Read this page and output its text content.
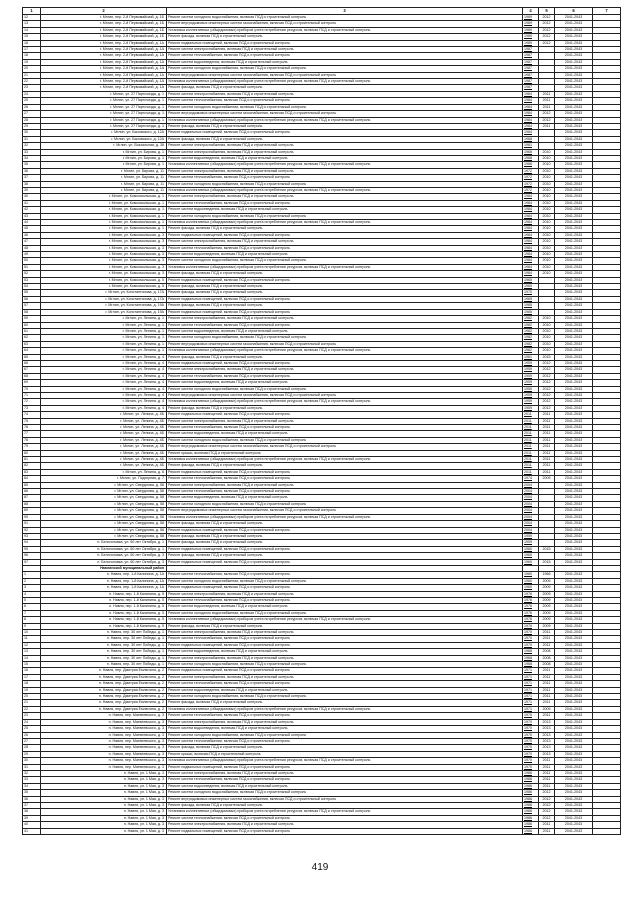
1	2	3	4	5	6	7
12	г. Мглин, пер. 2-й Первомайский, д. 1Б	Ремонт систем холодного водоснабжения, включая ПСД и строительный контроль	1989	2012	2041-2043	
13	г. Мглин, пер. 2-й Первомайский, д. 1Б	Ремонт внутридомовых инженерных систем газоснабжения, включая ПСД и строительный контроль	1989	2012	2041-2043	
14	г. Мглин, пер. 2-й Первомайский, д. 1Б	Установка коллективных (общедомовых) приборов учета потребления ресурсов, включая ПСД и строительный контроль	1989	2012	2041-2043	
15	г. Мглин, пер. 2-й Первомайский, д. 1Б	Ремонт фасада, включая ПСД и строительный контроль	1989	2012	2041-2043	
16	г. Мглин, пер. 2-й Первомайский, д. 1А	Ремонт подвальных помещений, включая ПСД и строительный контроль	1989	2012	2041-2043	
17	г. Мглин, пер. 2-й Первомайский, д. 1А	Ремонт систем электроснабжения, включая ПСД и строительный контроль	1987		2041-2043	
18	г. Мглин, пер. 2-й Первомайский, д. 1А	Ремонт систем теплоснабжения, включая ПСД и строительный контроль	1987		2041-2043	
19	г. Мглин, пер. 2-й Первомайский, д. 1А	Ремонт систем водоотведения, включая ПСД и строительный контроль	1987		2041-2043	
20	г. Мглин, пер. 2-й Первомайский, д. 1А	Ремонт систем холодного водоснабжения, включая ПСД и строительный контроль	1987		2041-2043	
21	г. Мглин, пер. 2-й Первомайский, д. 1А	Ремонт внутридомовых инженерных систем газоснабжения, включая ПСД и строительный контроль	1987		2041-2043	
22	г. Мглин, пер. 2-й Первомайский, д. 1А	Установка коллективных (общедомовых) приборов учета потребления ресурсов, включая ПСД и строительный контроль	1987		2041-2043	
23	г. Мглин, пер. 2-й Первомайский, д. 1А	Ремонт фасада, включая ПСД и строительный контроль	1987		2041-2043	
24	г. Мглин, ул. 27 Партсъезда, д. 1	Ремонт систем электроснабжения, включая ПСД и строительный контроль	1984	2011	2041-2043	
25	г. Мглин, ул. 27 Партсъезда, д. 1	Ремонт систем теплоснабжения, включая ПСД и строительный контроль	1984	2011	2041-2043	
26	г. Мглин, ул. 27 Партсъезда, д. 1	Ремонт систем холодного водоснабжения, включая ПСД и строительный контроль	1984	2011	2041-2043	
27	г. Мглин, ул. 27 Партсъезда, д. 1	Ремонт внутридомовых инженерных систем газоснабжения, включая ПСД и строительный контроль	1984	2012	2041-2043	
28	г. Мглин, ул. 27 Партсъезда, д. 1	Установка коллективных (общедомовых) приборов учета потребления ресурсов, включая ПСД и строительный контроль	1984	2012	2041-2043	
29	г. Мглин, ул. 27 Партсъезда, д. 1	Ремонт фасада, включая ПСД и строительный контроль	1984	2011	2041-2043	
30	г. Мглин, ул. Быховского, д. 12А	Ремонт подвальных помещений, включая ПСД и строительный контроль	1984		2041-2043	
31	г. Мглин, ул. Быховского, д. 12А	Ремонт фасада, включая ПСД и строительный контроль	1968		2041-2043	
32	г. Мглин, ул. Вокзальная, д. 38	Ремонт систем электроснабжения, включая ПСД и строительный контроль	1981		2041-2043	
33	г. Мглин, ул. Бирова, д. 1	Ремонт систем электроснабжения, включая ПСД и строительный контроль	1968	2010	2041-2043	
34	г. Мглин, ул. Бирова, д. 1	Ремонт систем водоотведения, включая ПСД и строительный контроль	1968	2010	2041-2043	
35	г. Мглин, ул. Бирова, д. 1	Установка коллективных (общедомовых) приборов учета потребления ресурсов, включая ПСД и строительный контроль	1968	2010	2041-2043	
36	г. Мглин, ул. Бирова, д. 11	Ремонт систем электроснабжения, включая ПСД и строительный контроль	1972	2010	2041-2043	
37	г. Мглин, ул. Бирова, д. 11	Ремонт систем теплоснабжения, включая ПСД и строительный контроль	1972	2010	2041-2043	
38	г. Мглин, ул. Бирова, д. 11	Ремонт систем холодного водоснабжения, включая ПСД и строительный контроль	1972	2010	2041-2043	
39	г. Мглин, ул. Бирова, д. 11	Установка коллективных (общедомовых) приборов учета потребления ресурсов, включая ПСД и строительный контроль	1972	2010	2041-2043	
40	г. Мглин, ул. Комсомольская, д. 1	Ремонт систем электроснабжения, включая ПСД и строительный контроль	1984	2010	2041-2043	
41	г. Мглин, ул. Комсомольская, д. 1	Ремонт систем теплоснабжения, включая ПСД и строительный контроль	1984	2010	2041-2043	
42	г. Мглин, ул. Комсомольская, д. 1	Ремонт систем водоотведения, включая ПСД и строительный контроль	1984	2010	2041-2043	
43	г. Мглин, ул. Комсомольская, д. 1	Ремонт систем холодного водоснабжения, включая ПСД и строительный контроль	1984	2010	2041-2043	
44	г. Мглин, ул. Комсомольская, д. 1	Установка коллективных (общедомовых) приборов учета потребления ресурсов, включая ПСД и строительный контроль	1984	2010	2041-2043	
45	г. Мглин, ул. Комсомольская, д. 1	Ремонт фасада, включая ПСД и строительный контроль	1984	2010	2041-2043	
46	г. Мглин, ул. Комсомольская, д. 3	Ремонт подвальных помещений, включая ПСД и строительный контроль	1984	2010	2041-2043	
47	г. Мглин, ул. Комсомольская, д. 3	Ремонт систем электроснабжения, включая ПСД и строительный контроль	1984	2010	2041-2043	
48	г. Мглин, ул. Комсомольская, д. 3	Ремонт систем теплоснабжения, включая ПСД и строительный контроль	1984	2010	2041-2043	
49	г. Мглин, ул. Комсомольская, д. 3	Ремонт систем водоотведения, включая ПСД и строительный контроль	1984	2010	2041-2043	
50	г. Мглин, ул. Комсомольская, д. 3	Ремонт систем холодного водоснабжения, включая ПСД и строительный контроль	1984	2010	2041-2043	
51	г. Мглин, ул. Комсомольская, д. 3	Установка коллективных (общедомовых) приборов учета потребления ресурсов, включая ПСД и строительный контроль	1984	2010	2041-2043	
52	г. Мглин, ул. Комсомольская, д. 3	Ремонт фасада, включая ПСД и строительный контроль	1984	2010	2041-2043	
53	г. Мглин, ул. Комсомольская, д. 5	Ремонт подвальных помещений, включая ПСД и строительный контроль	1965		2041-2043	
54	г. Мглин, ул. Комсомольская, д. 5	Ремонт фасада, включая ПСД и строительный контроль	1965		2041-2043	
55	г. Мглин, ул. Константинова, д. 17А	Ремонт фасада, включая ПСД и строительный контроль	1970		2041-2043	
56	г. Мглин, ул. Константинова, д. 17А	Ремонт подвальных помещений, включая ПСД и строительный контроль	1969		2041-2043	
57	г. Мглин, ул. Константинова, д. 19А	Ремонт фасада, включая ПСД и строительный контроль	1985		2041-2043	
58	г. Мглин, ул. Константинова, д. 19А	Ремонт подвальных помещений, включая ПСД и строительный контроль	1985		2041-2043	
59	г. Мглин, ул. Ленина, д. 1	Ремонт систем электроснабжения, включая ПСД и строительный контроль	1982	2010	2041-2043	
60	г. Мглин, ул. Ленина, д. 1	Ремонт систем теплоснабжения, включая ПСД и строительный контроль	1982	2010	2041-2043	
61	г. Мглин, ул. Ленина, д. 1	Ремонт систем водоотведения, включая ПСД и строительный контроль	1982	2010	2041-2043	
62	г. Мглин, ул. Ленина, д. 1	Ремонт систем холодного водоснабжения, включая ПСД и строительный контроль	1982	2010	2041-2043	
63	г. Мглин, ул. Ленина, д. 1	Ремонт внутридомовых инженерных систем газоснабжения, включая ПСД и строительный контроль	1982	2010	2041-2043	
64	г. Мглин, ул. Ленина, д. 1	Установка коллективных (общедомовых) приборов учета потребления ресурсов, включая ПСД и строительный контроль	1982	2010	2041-2043	
65	г. Мглин, ул. Ленина, д. 4	Ремонт фасада, включая ПСД и строительный контроль	1961	2015	2041-2043	
66	г. Мглин, ул. Ленина, д. 4	Ремонт подвальных помещений, включая ПСД и строительный контроль	1959	2012	2041-2043	
67	г. Мглин, ул. Ленина, д. 4	Ремонт систем электроснабжения, включая ПСД и строительный контроль	1959	2012	2041-2043	
68	г. Мглин, ул. Ленина, д. 4	Ремонт систем теплоснабжения, включая ПСД и строительный контроль	1959	2012	2041-2043	
69	г. Мглин, ул. Ленина, д. 4	Ремонт систем водоотведения, включая ПСД и строительный контроль	1959	2012	2041-2043	
70	г. Мглин, ул. Ленина, д. 4	Ремонт систем холодного водоснабжения, включая ПСД и строительный контроль	1959	2012	2041-2043	
71	г. Мглин, ул. Ленина, д. 4	Ремонт внутридомовых инженерных систем газоснабжения, включая ПСД и строительный контроль	1959	2012	2041-2043	
72	г. Мглин, ул. Ленина, д. 4	Установка коллективных (общедомовых) приборов учета потребления ресурсов, включая ПСД и строительный контроль	1959	2012	2041-2043	
73	г. Мглин, ул. Ленина, д. 4	Ремонт фасада, включая ПСД и строительный контроль	1959	2012	2041-2043	
74	г. Мглин, ул. Ленина, д. 4Б	Ремонт подвальных помещений, включая ПСД и строительный контроль	2011	2011	2041-2043	
75	г. Мглин, ул. Ленина, д. 4Б	Ремонт систем электроснабжения, включая ПСД и строительный контроль	2011	2011	2041-2043	
76	г. Мглин, ул. Ленина, д. 4Б	Ремонт систем теплоснабжения, включая ПСД и строительный контроль	2011	2011	2041-2043	
77	г. Мглин, ул. Ленина, д. 4Б	Ремонт систем водоотведения, включая ПСД и строительный контроль	2011	2011	2041-2043	
78	г. Мглин, ул. Ленина, д. 4Б	Ремонт систем холодного водоснабжения, включая ПСД и строительный контроль	2011	2011	2041-2043	
79	г. Мглин, ул. Ленина, д. 4Б	Ремонт внутридомовых инженерных систем газоснабжения, включая ПСД и строительный контроль	2011	2011	2041-2043	
80	г. Мглин, ул. Ленина, д. 4Б	Ремонт крыши, включая ПСД и строительный контроль	2011	2011	2041-2043	
81	г. Мглин, ул. Ленина, д. 4Б	Установка коллективных (общедомовых) приборов учета потребления ресурсов, включая ПСД и строительный контроль	2011	2011	2041-2043	
82	г. Мглин, ул. Ленина, д. 4Б	Ремонт фасада, включая ПСД и строительный контроль	2011	2011	2041-2043	
83	г. Мглин, ул. Ленина, д. 6	Ремонт подвальных помещений, включая ПСД и строительный контроль	2011	2011	2041-2043	
84	г. Мглин, ул. Подгорная, д. 7	Ремонт систем теплоснабжения, включая ПСД и строительный контроль	1974	2009	2041-2043	
85	г. Мглин, ул. Свердлова, д. 58	Ремонт систем электроснабжения, включая ПСД и строительный контроль	2004		2041-2043	
86	г. Мглин, ул. Свердлова, д. 58	Ремонт систем теплоснабжения, включая ПСД и строительный контроль	2004		2041-2043	
87	г. Мглин, ул. Свердлова, д. 58	Ремонт систем водоотведения, включая ПСД и строительный контроль	2004		2041-2043	
88	г. Мглин, ул. Свердлова, д. 58	Ремонт систем холодного водоснабжения, включая ПСД и строительный контроль	2004		2041-2043	
89	г. Мглин, ул. Свердлова, д. 58	Ремонт внутридомовых инженерных систем газоснабжения, включая ПСД и строительный контроль	2004		2041-2043	
90	г. Мглин, ул. Свердлова, д. 58	Установка коллективных (общедомовых) приборов учета потребления ресурсов, включая ПСД и строительный контроль	2004		2041-2043	
91	г. Мглин, ул. Свердлова, д. 58	Ремонт фасада, включая ПСД и строительный контроль	2004		2041-2043	
92	г. Мглин, ул. Свердлова, д. 58	Ремонт подвальных помещений, включая ПСД и строительный контроль	2004		2041-2043	
93	г. Мглин, ул. Свердлова, д. 58	Ремонт фасада, включая ПСД и строительный контроль	1959		2041-2043	
94	п. Белоголовка, ул. 60 лет Октября, д. 1	Ремонт фасада, включая ПСД и строительный контроль	1959		2041-2043	
95	п. Белоголовка, ул. 60 лет Октября, д. 1	Ремонт подвальных помещений, включая ПСД и строительный контроль	1960	2015	2041-2043	
96	п. Белоголовка, ул. 60 лет Октября, д. 3	Ремонт фасада, включая ПСД и строительный контроль	1960		2041-2043	
97	п. Белоголовка, ул. 60 лет Октября, д. 3	Ремонт подвальных помещений, включая ПСД и строительный контроль	1960	2015	2041-2043	
	Навлинский муниципальный район					
1	п. Навля, пер. 1-й Калинина, д. 1А	Ремонт систем теплоснабжения, включая ПСД и строительный контроль	1960	1966	2041-2043	
2	п. Навля, пер. 1-й Калинина, д. 1А	Ремонт систем холодного водоснабжения, включая ПСД и строительный контроль	1960	2009	2041-2043	
3	п. Навля, пер. 1-й Калинина, д. 1А	Ремонт подвальных помещений, включая ПСД и строительный контроль	1960	2009	2041-2043	
4	п. Навля, пер. 1-й Калинина, д. 5	Ремонт систем электроснабжения, включая ПСД и строительный контроль	1976	2009	2041-2043	
5	п. Навля, пер. 1-й Калинина, д. 5	Ремонт систем теплоснабжения, включая ПСД и строительный контроль	1976	2009	2041-2043	
6	п. Навля, пер. 1-й Калинина, д. 5	Ремонт систем водоотведения, включая ПСД и строительный контроль	1976	2009	2041-2043	
7	п. Навля, пер. 1-й Калинина, д. 5	Ремонт систем холодного водоснабжения, включая ПСД и строительный контроль	1976	2009	2041-2043	
8	п. Навля, пер. 1-й Калинина, д. 5	Установка коллективных (общедомовых) приборов учета потребления ресурсов, включая ПСД и строительный контроль	1976	2009	2041-2043	
9	п. Навля, пер. 1-й Калинина, д. 5	Ремонт фасада, включая ПСД и строительный контроль	1976	2009	2041-2043	
10	п. Навля, пер. 30 лет Победы, д. 1	Ремонт систем электроснабжения, включая ПСД и строительный контроль	1970	2011	2041-2043	
11	п. Навля, пер. 30 лет Победы, д. 1	Ремонт систем теплоснабжения, включая ПСД и строительный контроль	1970	2011	2041-2043	
12	п. Навля, пер. 30 лет Победы, д. 1	Ремонт подвальных помещений, включая ПСД и строительный контроль	1970	2011	2041-2043	
13	п. Навля, пер. 30 лет Победы, д. 1	Ремонт систем водоотведения, включая ПСД и строительный контроль	1968	2008	2041-2043	
14	п. Навля, пер. 30 лет Победы, д. 1	Ремонт систем электроснабжения, включая ПСД и строительный контроль	1968	2008	2041-2043	
15	п. Навля, пер. 30 лет Победы, д. 1	Ремонт систем холодного водоснабжения, включая ПСД и строительный контроль	1968	2008	2041-2043	
16	п. Навля, пер. Дмитрия Емлютина, д. 2	Ремонт подвальных помещений, включая ПСД и строительный контроль	1971	2011	2041-2043	
17	п. Навля, пер. Дмитрия Емлютина, д. 2	Ремонт систем электроснабжения, включая ПСД и строительный контроль	1971	2011	2041-2043	
18	п. Навля, пер. Дмитрия Емлютина, д. 2	Ремонт систем теплоснабжения, включая ПСД и строительный контроль	1971	2011	2041-2043	
19	п. Навля, пер. Дмитрия Емлютина, д. 2	Ремонт систем водоотведения, включая ПСД и строительный контроль	1971	2011	2041-2043	
20	п. Навля, пер. Дмитрия Емлютина, д. 2	Ремонт систем холодного водоснабжения, включая ПСД и строительный контроль	1971	2011	2041-2043	
21	п. Навля, пер. Дмитрия Емлютина, д. 2	Ремонт фасада, включая ПСД и строительный контроль	1971	2011	2041-2043	
22	п. Навля, пер. Дмитрия Емлютина, д. 2	Установка коллективных (общедомовых) приборов учета потребления ресурсов, включая ПСД и строительный контроль	1971	2009	2041-2043	
23	п. Навля, пер. Матвеевского, д. 3	Ремонт систем теплоснабжения, включая ПСД и строительный контроль	1970	2011	2041-2043	
24	п. Навля, пер. Матвеевского, д. 3	Ремонт систем электроснабжения, включая ПСД и строительный контроль	1970	2013	2041-2043	
25	п. Навля, пер. Матвеевского, д. 3	Ремонт систем водоотведения, включая ПСД и строительный контроль	1970	2013	2041-2043	
26	п. Навля, пер. Матвеевского, д. 3	Ремонт систем холодного водоснабжения, включая ПСД и строительный контроль	1970	2013	2041-2043	
27	п. Навля, пер. Матвеевского, д. 3	Ремонт систем теплоснабжения, включая ПСД и строительный контроль	1970	2013	2041-2043	
28	п. Навля, пер. Матвеевского, д. 3	Ремонт фасада, включая ПСД и строительный контроль	1970	2013	2041-2043	
29	п. Навля, пер. Матвеевского, д. 3	Ремонт крыши, включая ПСД и строительный контроль	1970	2013	2041-2043	
30	п. Навля, пер. Матвеевского, д. 3	Установка коллективных (общедомовых) приборов учета потребления ресурсов, включая ПСД и строительный контроль	1970	2011	2041-2043	
31	п. Навля, пер. Матвеевского, д. 3	Ремонт подвальных помещений, включая ПСД и строительный контроль	1970	2011	2041-2043	
32	п. Навля, ул. 1 Мая, д. 3	Ремонт систем электроснабжения, включая ПСД и строительный контроль	1986	2011	2041-2043	
33	п. Навля, ул. 1 Мая, д. 3	Ремонт систем теплоснабжения, включая ПСД и строительный контроль	1986	2011	2041-2043	
34	п. Навля, ул. 1 Мая, д. 3	Ремонт систем водоотведения, включая ПСД и строительный контроль	1986	2011	2041-2043	
35	п. Навля, ул. 1 Мая, д. 3	Ремонт систем холодного водоснабжения, включая ПСД и строительный контроль	1986	2012	2041-2043	
36	п. Навля, ул. 1 Мая, д. 3	Ремонт внутридомовых инженерных систем газоснабжения, включая ПСД и строительный контроль	1986	2012	2041-2043	
37	п. Навля, ул. 1 Мая, д. 3	Ремонт фасада, включая ПСД и строительный контроль	1986	2012	2041-2043	
38	п. Навля, ул. 1 Мая, д. 3	Установка коллективных (общедомовых) приборов учета потребления ресурсов, включая ПСД и строительный контроль	1986	2012	2041-2043	
39	п. Навля, ул. 1 Мая, д. 3	Ремонт систем теплоснабжения, включая ПСД и строительный контроль	1986	2012	2041-2043	
40	п. Навля, ул. 1 Мая, д. 3	Ремонт систем электроснабжения, включая ПСД и строительный контроль	1986	2011	2041-2043	
41	п. Навля, ул. 1 Мая, д. 3	Ремонт подвальных помещений, включая ПСД и строительный контроль	1986	2011	2041-2043	
419
